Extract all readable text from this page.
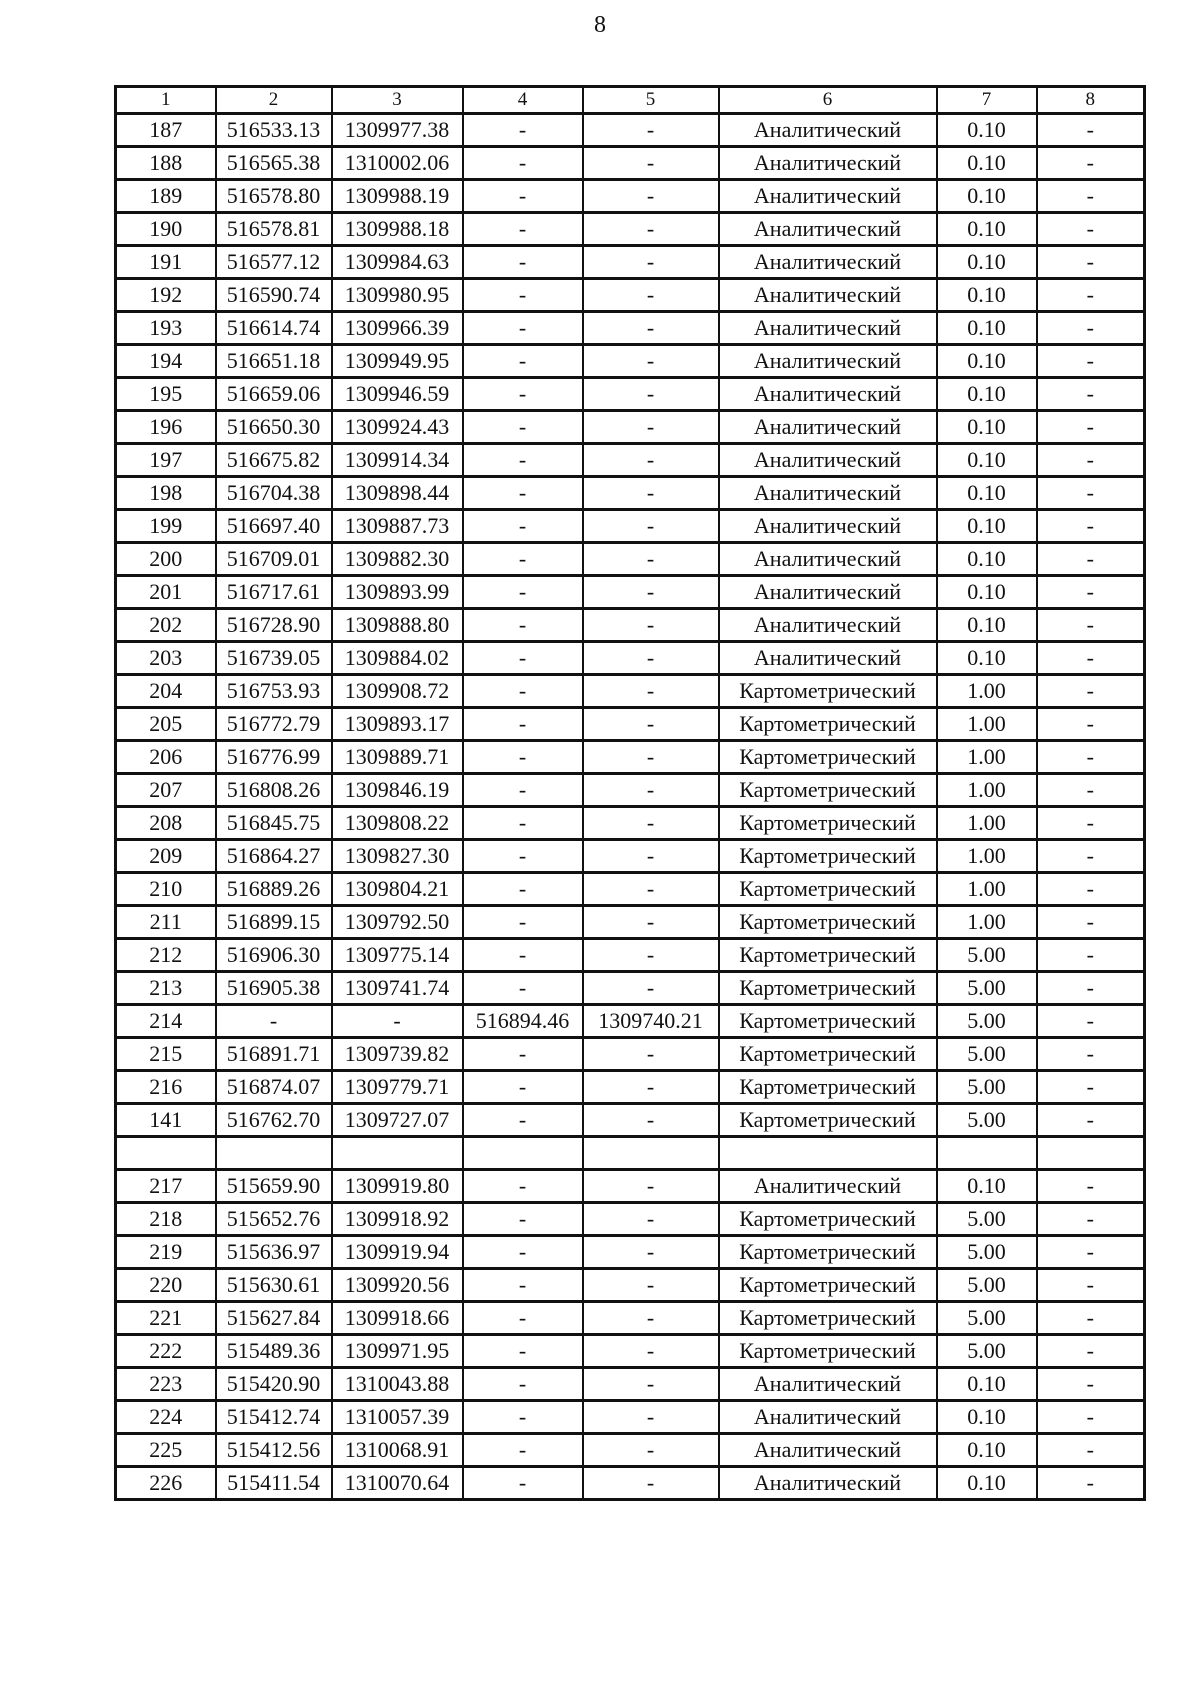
8
1	2	3	4	5	6	7	8
187	516533.13	1309977.38	-	-	Аналитический	0.10	-
188	516565.38	1310002.06	-	-	Аналитический	0.10	-
189	516578.80	1309988.19	-	-	Аналитический	0.10	-
190	516578.81	1309988.18	-	-	Аналитический	0.10	-
191	516577.12	1309984.63	-	-	Аналитический	0.10	-
192	516590.74	1309980.95	-	-	Аналитический	0.10	-
193	516614.74	1309966.39	-	-	Аналитический	0.10	-
194	516651.18	1309949.95	-	-	Аналитический	0.10	-
195	516659.06	1309946.59	-	-	Аналитический	0.10	-
196	516650.30	1309924.43	-	-	Аналитический	0.10	-
197	516675.82	1309914.34	-	-	Аналитический	0.10	-
198	516704.38	1309898.44	-	-	Аналитический	0.10	-
199	516697.40	1309887.73	-	-	Аналитический	0.10	-
200	516709.01	1309882.30	-	-	Аналитический	0.10	-
201	516717.61	1309893.99	-	-	Аналитический	0.10	-
202	516728.90	1309888.80	-	-	Аналитический	0.10	-
203	516739.05	1309884.02	-	-	Аналитический	0.10	-
204	516753.93	1309908.72	-	-	Картометрический	1.00	-
205	516772.79	1309893.17	-	-	Картометрический	1.00	-
206	516776.99	1309889.71	-	-	Картометрический	1.00	-
207	516808.26	1309846.19	-	-	Картометрический	1.00	-
208	516845.75	1309808.22	-	-	Картометрический	1.00	-
209	516864.27	1309827.30	-	-	Картометрический	1.00	-
210	516889.26	1309804.21	-	-	Картометрический	1.00	-
211	516899.15	1309792.50	-	-	Картометрический	1.00	-
212	516906.30	1309775.14	-	-	Картометрический	5.00	-
213	516905.38	1309741.74	-	-	Картометрический	5.00	-
214	-	-	516894.46	1309740.21	Картометрический	5.00	-
215	516891.71	1309739.82	-	-	Картометрический	5.00	-
216	516874.07	1309779.71	-	-	Картометрический	5.00	-
141	516762.70	1309727.07	-	-	Картометрический	5.00	-

217	515659.90	1309919.80	-	-	Аналитический	0.10	-
218	515652.76	1309918.92	-	-	Картометрический	5.00	-
219	515636.97	1309919.94	-	-	Картометрический	5.00	-
220	515630.61	1309920.56	-	-	Картометрический	5.00	-
221	515627.84	1309918.66	-	-	Картометрический	5.00	-
222	515489.36	1309971.95	-	-	Картометрический	5.00	-
223	515420.90	1310043.88	-	-	Аналитический	0.10	-
224	515412.74	1310057.39	-	-	Аналитический	0.10	-
225	515412.56	1310068.91	-	-	Аналитический	0.10	-
226	515411.54	1310070.64	-	-	Аналитический	0.10	-
